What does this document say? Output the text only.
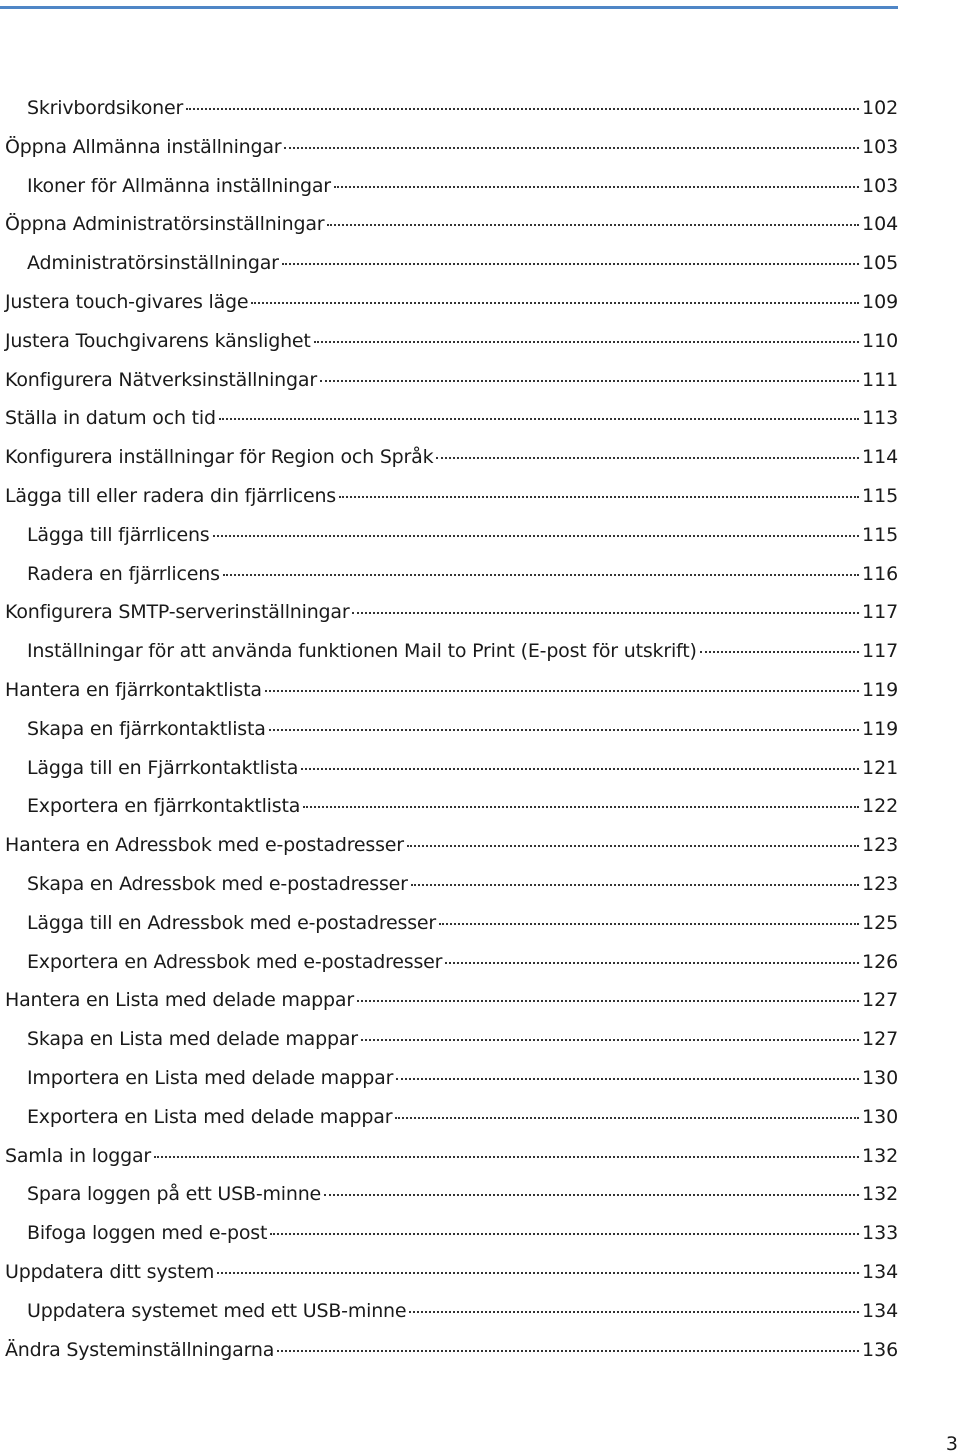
Skrivbordsikoner	102
Öppna Allmänna inställningar	103
Ikoner för Allmänna inställningar	103
Öppna Administratörsinställningar	104
Administratörsinställningar	105
Justera touch-givares läge	109
Justera Touchgivarens känslighet	110
Konfigurera Nätverksinställningar	111
Ställa in datum och tid	113
Konfigurera inställningar för Region och Språk	114
Lägga till eller radera din fjärrlicens	115
Lägga till fjärrlicens	115
Radera en fjärrlicens	116
Konfigurera SMTP-serverinställningar	117
Inställningar för att använda funktionen Mail to Print (E-post för utskrift)	117
Hantera en fjärrkontaktlista	119
Skapa en fjärrkontaktlista	119
Lägga till en Fjärrkontaktlista	121
Exportera en fjärrkontaktlista	122
Hantera en Adressbok med e-postadresser	123
Skapa en Adressbok med e-postadresser	123
Lägga till en Adressbok med e-postadresser	125
Exportera en Adressbok med e-postadresser	126
Hantera en Lista med delade mappar	127
Skapa en Lista med delade mappar	127
Importera en Lista med delade mappar	130
Exportera en Lista med delade mappar	130
Samla in loggar	132
Spara loggen på ett USB-minne	132
Bifoga loggen med e-post	133
Uppdatera ditt system	134
Uppdatera systemet med ett USB-minne	134
Ändra Systeminställningarna	136
3
